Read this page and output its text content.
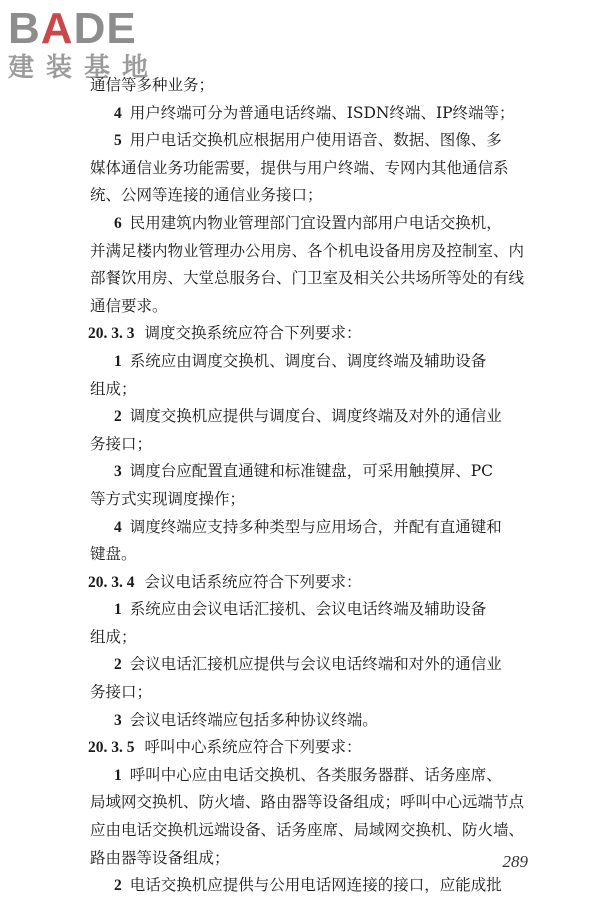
BADE
建装基地
通信等多种业务；
4 用户终端可分为普通电话终端、ISDN终端、IP终端等；
5 用户电话交换机应根据用户使用语音、数据、图像、多
媒体通信业务功能需要，提供与用户终端、专网内其他通信系
统、公网等连接的通信业务接口；
6 民用建筑内物业管理部门宜设置内部用户电话交换机，
并满足楼内物业管理办公用房、各个机电设备用房及控制室、内
部餐饮用房、大堂总服务台、门卫室及相关公共场所等处的有线
通信要求。
20. 3. 3 调度交换系统应符合下列要求：
1 系统应由调度交换机、调度台、调度终端及辅助设备
组成；
2 调度交换机应提供与调度台、调度终端及对外的通信业
务接口；
3 调度台应配置直通键和标准键盘，可采用触摸屏、PC
等方式实现调度操作；
4 调度终端应支持多种类型与应用场合，并配有直通键和
键盘。
20. 3. 4 会议电话系统应符合下列要求：
1 系统应由会议电话汇接机、会议电话终端及辅助设备
组成；
2 会议电话汇接机应提供与会议电话终端和对外的通信业
务接口；
3 会议电话终端应包括多种协议终端。
20. 3. 5 呼叫中心系统应符合下列要求：
1 呼叫中心应由电话交换机、各类服务器群、话务座席、
局域网交换机、防火墙、路由器等设备组成；呼叫中心远端节点
应由电话交换机远端设备、话务座席、局域网交换机、防火墙、
路由器等设备组成；
2 电话交换机应提供与公用电话网连接的接口，应能成批
289
